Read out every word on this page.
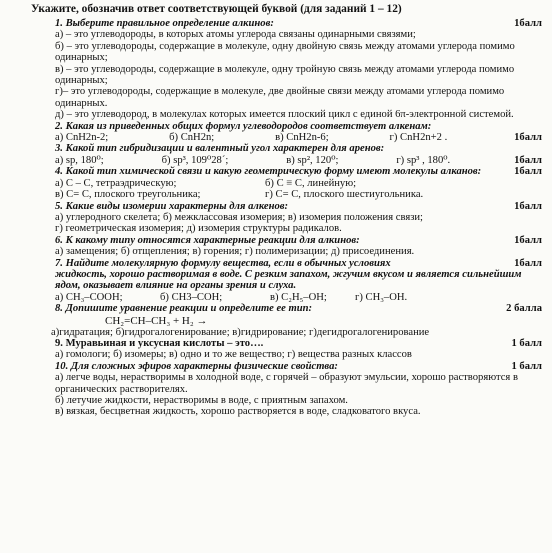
Укажите, обозначив ответ соответствующей буквой (для заданий 1 – 12)
1. Выберите правильное определение алкинов:	1балл
а) – это углеводороды, в которых атомы углерода связаны одинарными связями;
б) – это углеводороды, содержащие в молекуле, одну двойную связь между атомами углерода помимо одинарных;
в) – это углеводороды, содержащие в молекуле, одну тройную связь между атомами углерода помимо одинарных;
г)– это углеводороды, содержащие в молекуле, две двойные связи между атомами углерода помимо одинарных.
д) – это углеводород, в молекулах которых имеется плоский цикл с единой 6π-электронной системой.
2. Какая из приведенных общих формул углеводородов соответствует алкенам:
а) CnH2n-2;	б) CnH2n;	в) CnH2n-6;	г) CnH2n+2 .	1балл
3. Какой тип гибридизации и валентный угол характерен для аренов:
а) sp, 180⁰;	б) sp³, 109⁰28´;	в) sp², 120⁰;	г) sp³ , 180⁰.	1балл
4. Какой тип химической связи и какую геометрическую форму имеют молекулы алканов:	1балл
а) С – С, тетраэдрическую;	б) С ≡ С, линейную;
в) С= С, плоского треугольника;	г) С= С, плоского шестиугольника.
5. Какие виды изомерии характерны для алкенов:	1балл
а) углеродного скелета; б) межклассовая изомерия; в) изомерия положения связи;
г) геометрическая изомерия; д) изомерия структуры радикалов.
6. К какому типу относятся характерные реакции для алкинов:	1балл
а) замещения; б) отщепления; в) горения; г) полимеризации; д) присоединения.
7. Найдите молекулярную формулу вещества, если в обычных условиях	1балл
жидкость, хорошо растворимая в воде. С резким запахом, жгучим вкусом и является сильнейшим ядом, оказывает влияние на органы зрения и слуха.
а) CH₃–COOH;	б) CH3–COH;	в) C₂H₅–OH;	г) CH₃–OH.
8. Допишите уравнение реакции и определите ее тип:	2 балла
CH₂=CH–CH₃ + H₂ →
а)гидратация; б)гидрогалогенирование; в)гидрирование; г)дегидрогалогенирование
9. Муравьиная и уксусная кислоты – это….	1 балл
а) гомологи; б) изомеры; в) одно и то же вещество; г) вещества разных классов
10. Для сложных эфиров характерны физические свойства:	1 балл
а) легче воды, нерастворимы в холодной воде, с горячей – образуют эмульсии, хорошо растворяются в органических растворителях.
б) летучие жидкости, нерастворимы в воде, с приятным запахом.
в) вязкая, бесцветная жидкость, хорошо растворяется в воде, сладковатого вкуса.
